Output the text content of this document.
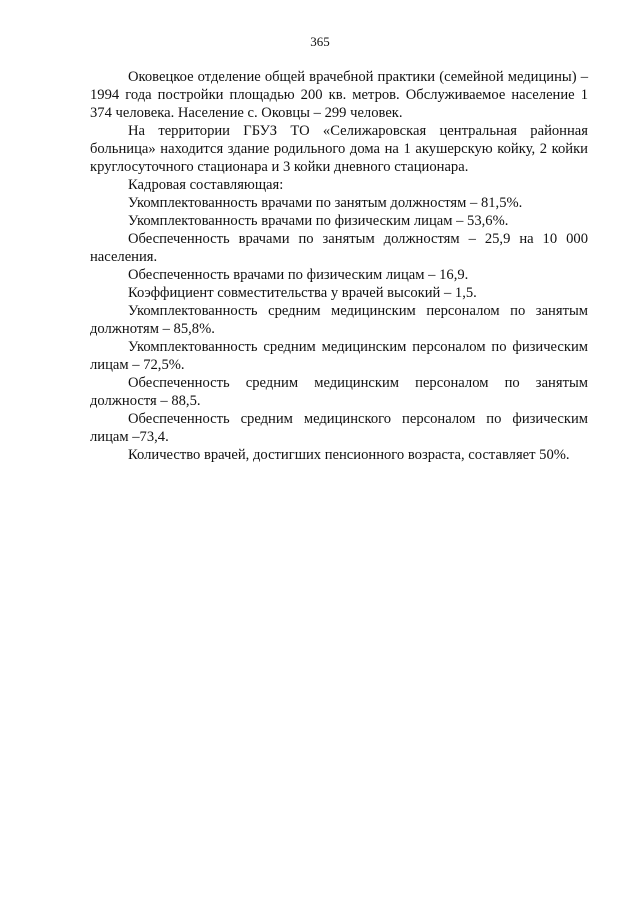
365

Оковецкое отделение общей врачебной практики (семейной медицины) – 1994 года постройки площадью 200 кв. метров. Обслуживаемое население 1 374 человека. Население с. Оковцы – 299 человек.

На территории ГБУЗ ТО «Селижаровская центральная районная больница» находится здание родильного дома на 1 акушерскую койку, 2 койки круглосуточного стационара и 3 койки дневного стационара.

Кадровая составляющая:

Укомплектованность врачами по занятым должностям – 81,5%.

Укомплектованность врачами по физическим лицам – 53,6%.

Обеспеченность врачами по занятым должностям – 25,9 на 10 000 населения.

Обеспеченность врачами по физическим лицам – 16,9.

Коэффициент совместительства у врачей высокий – 1,5.

Укомплектованность средним медицинским персоналом по занятым должнотям – 85,8%.

Укомплектованность средним медицинским персоналом по физическим лицам – 72,5%.

Обеспеченность средним медицинским персоналом по занятым должностя – 88,5.

Обеспеченность средним медицинского персоналом по физическим лицам –73,4.

Количество врачей, достигших пенсионного возраста, составляет 50%.
